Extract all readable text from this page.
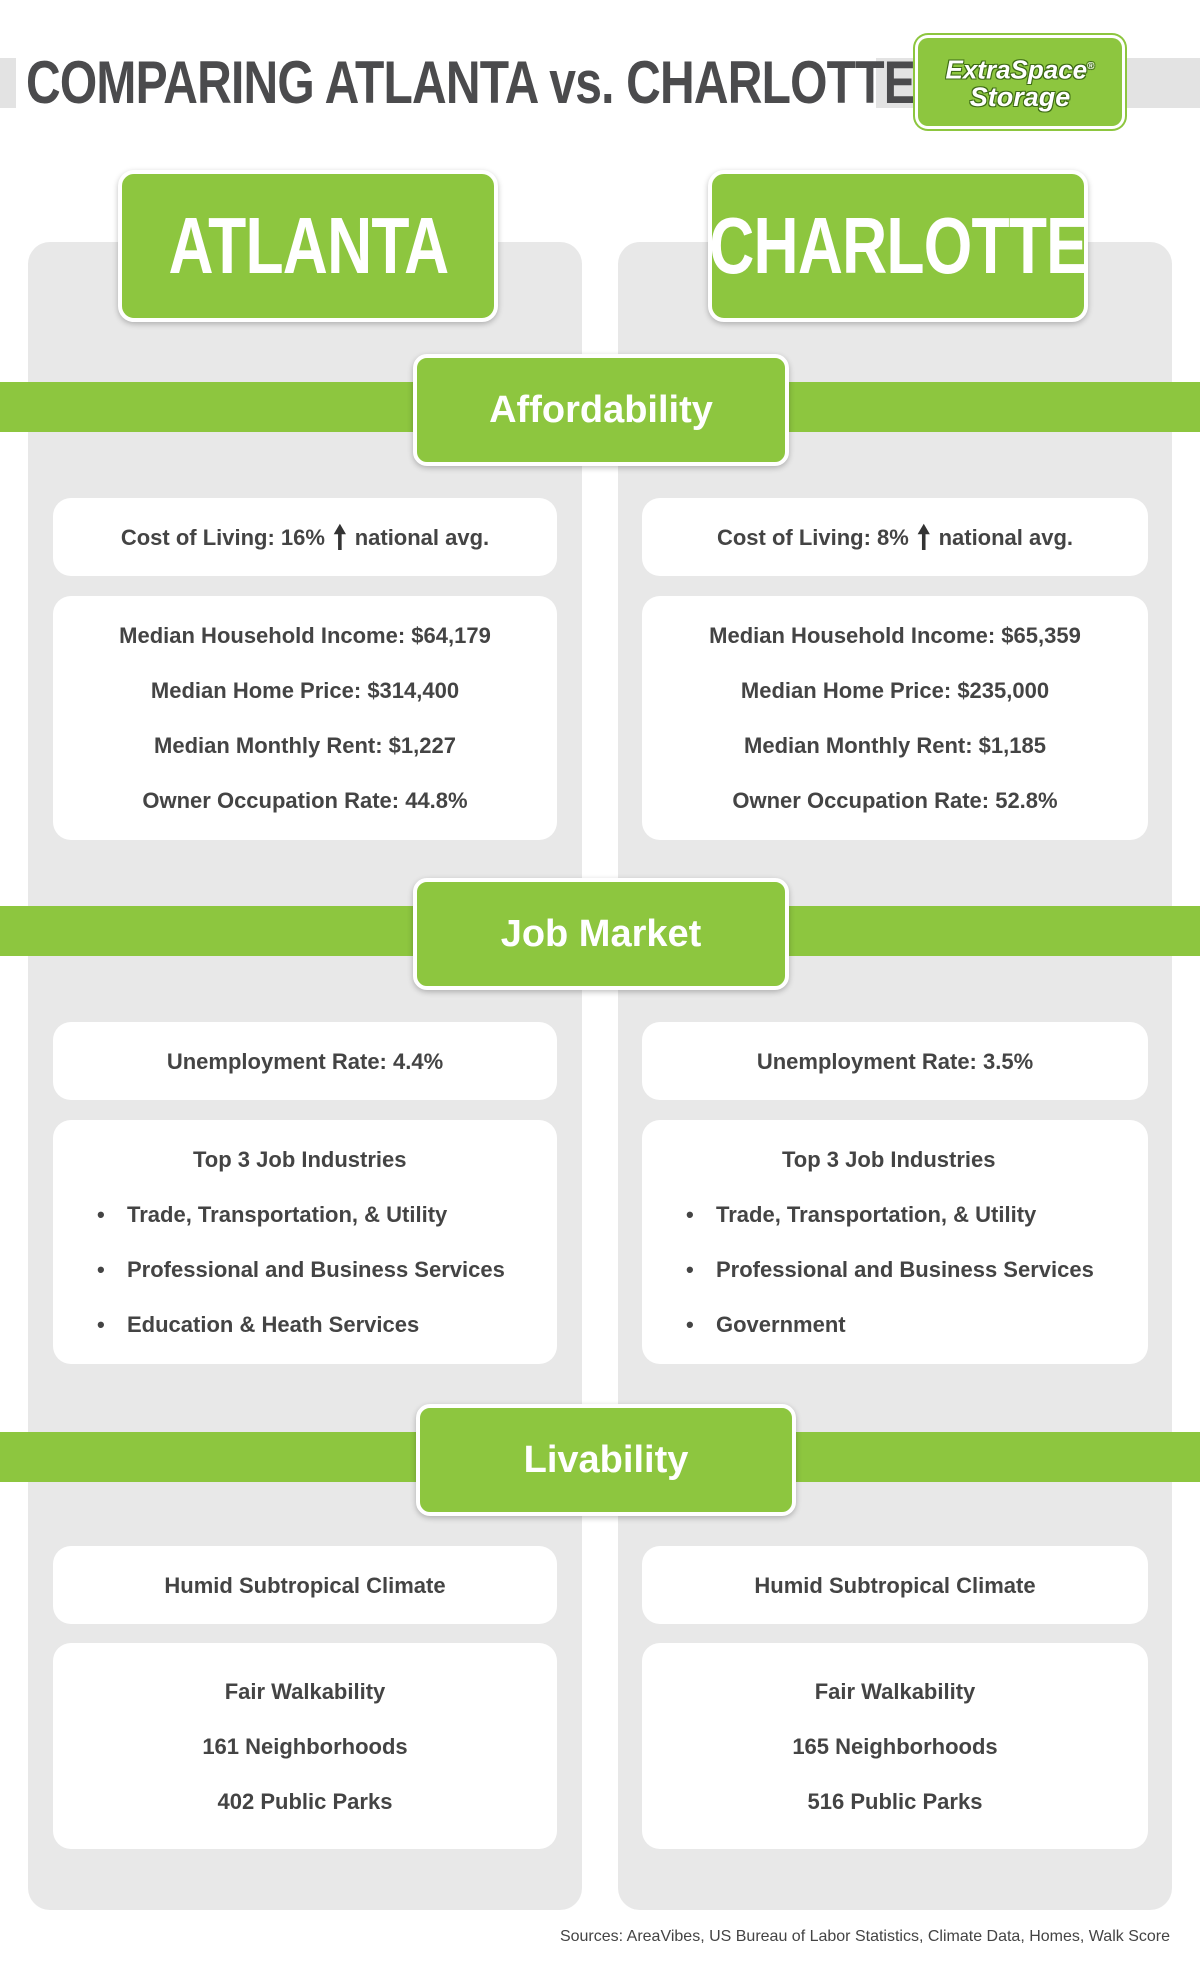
COMPARING ATLANTA vs. CHARLOTTE ExtraSpace®
Storage
ATLANTA	CHARLOTTE
Affordability
Cost of Living: 16% 🠕 national avg.
Median Household Income: $64,179
Median Home Price: $314,400
Median Monthly Rent: $1,227
Owner Occupation Rate: 44.8%
Cost of Living: 8% 🠕 national avg.
Median Household Income: $65,359
Median Home Price: $235,000
Median Monthly Rent: $1,185
Owner Occupation Rate: 52.8%
Job Market
Unemployment Rate: 4.4%
Top 3 Job Industries
• Trade, Transportation, & Utility
• Professional and Business Services
• Education & Heath Services
Unemployment Rate: 3.5%
Top 3 Job Industries
• Trade, Transportation, & Utility
• Professional and Business Services
• Government
Livability
Humid Subtropical Climate
Fair Walkability
161 Neighborhoods
402 Public Parks
Humid Subtropical Climate
Fair Walkability
165 Neighborhoods
516 Public Parks
Sources: AreaVibes, US Bureau of Labor Statistics, Climate Data, Homes, Walk Score
